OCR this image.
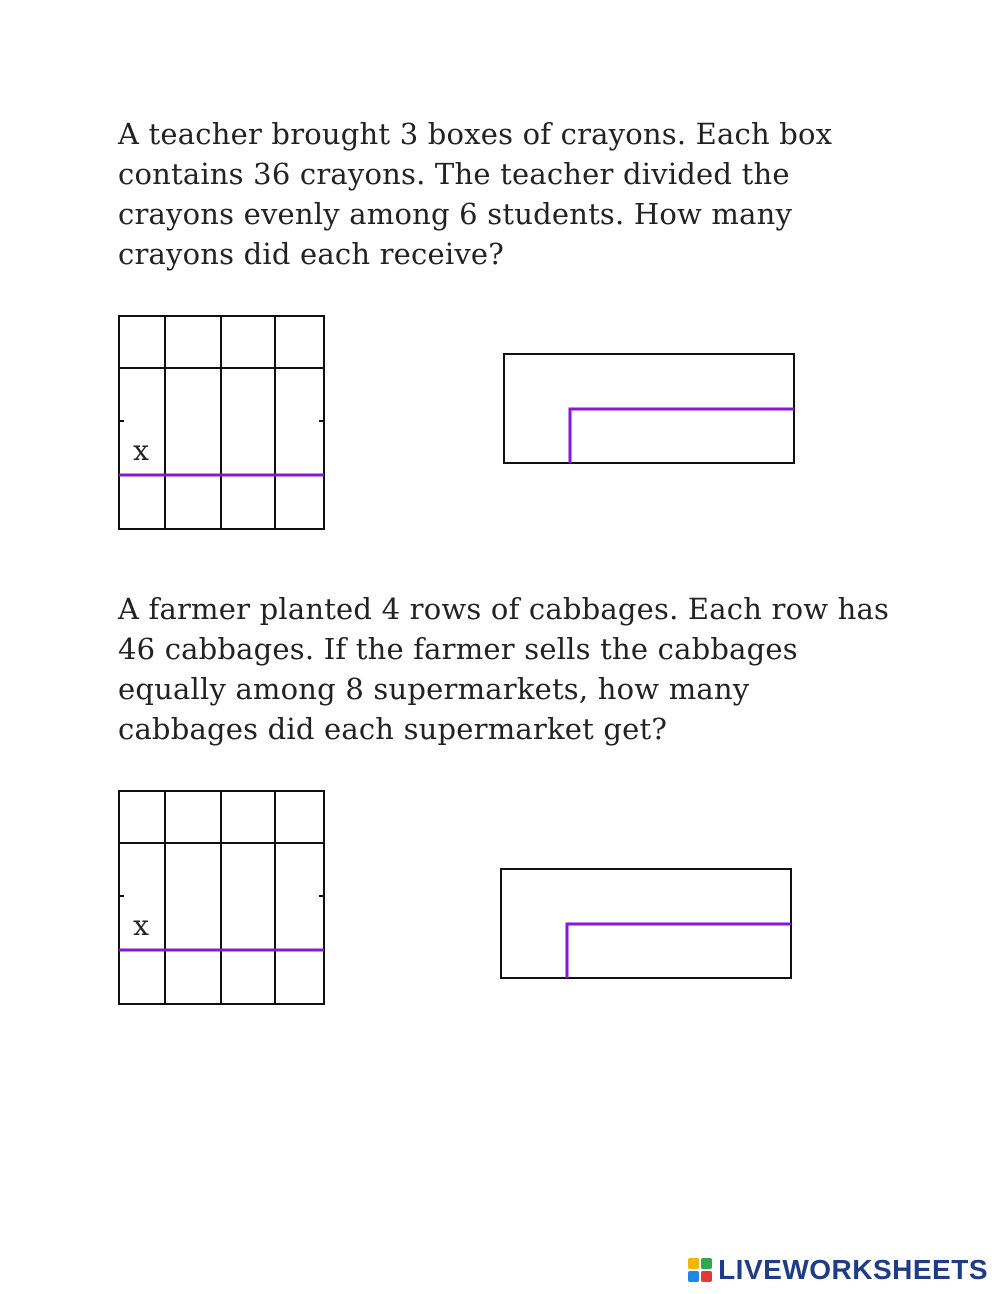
A teacher brought 3 boxes of crayons. Each box contains 36 crayons. The teacher divided the crayons evenly among 6 students. How many crayons did each receive?

x

A farmer planted 4 rows of cabbages. Each row has 46 cabbages. If the farmer sells the cabbages equally among 8 supermarkets, how many cabbages did each supermarket get?

x
LIVEWORKSHEETS
